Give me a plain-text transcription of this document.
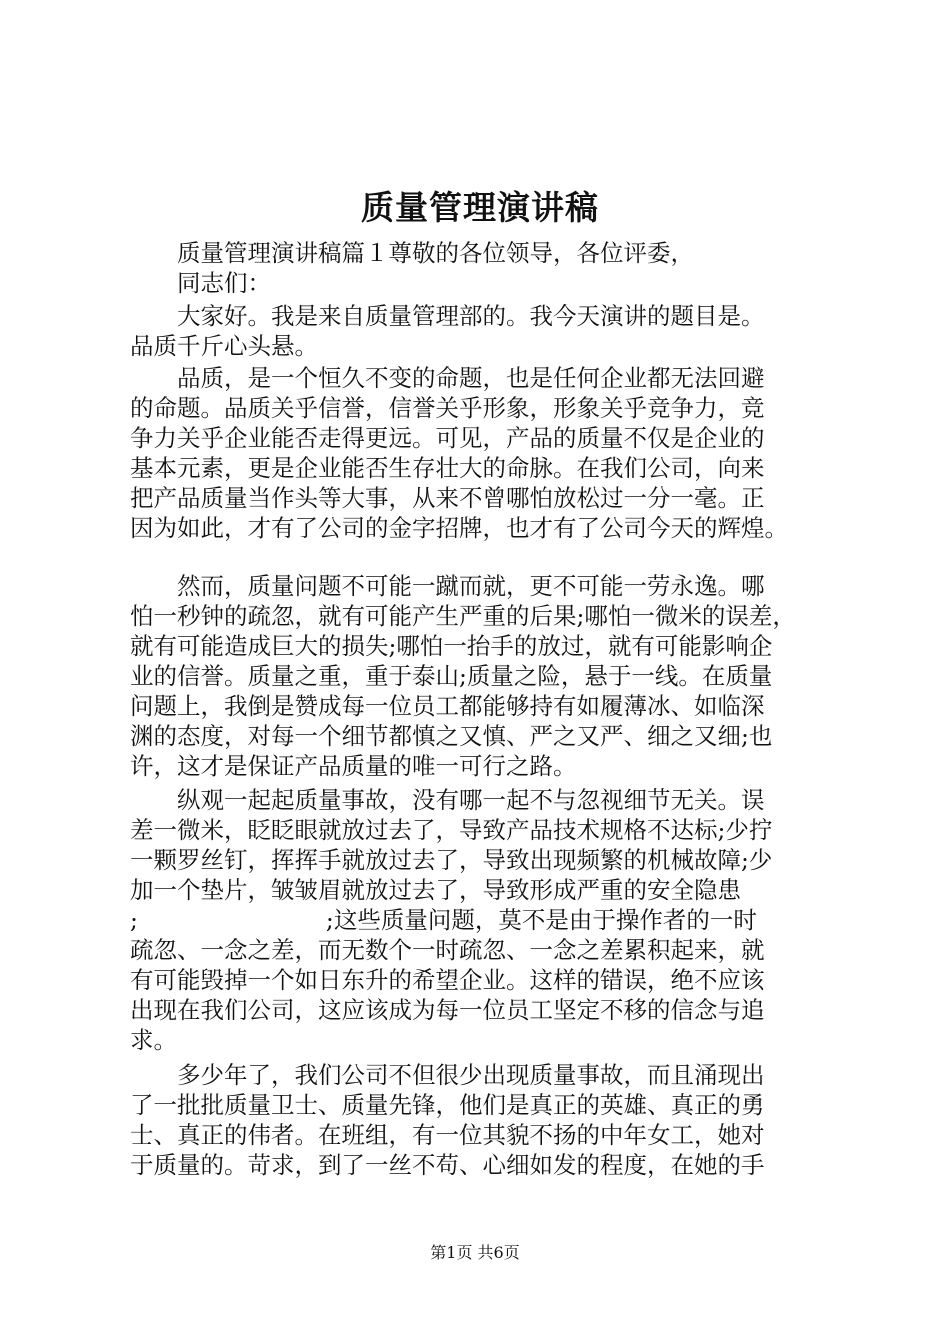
质量管理演讲稿
　　质量管理演讲稿篇１尊敬的各位领导，各位评委，
　　同志们：
　　大家好。我是来自质量管理部的。我今天演讲的题目是。
品质千斤心头悬。
　　品质，是一个恒久不变的命题，也是任何企业都无法回避
的命题。品质关乎信誉，信誉关乎形象，形象关乎竞争力，竞
争力关乎企业能否走得更远。可见，产品的质量不仅是企业的
基本元素，更是企业能否生存壮大的命脉。在我们公司，向来
把产品质量当作头等大事，从来不曾哪怕放松过一分一毫。正
因为如此，才有了公司的金字招牌，也才有了公司今天的辉煌。
　　然而，质量问题不可能一蹴而就，更不可能一劳永逸。哪
怕一秒钟的疏忽，就有可能产生严重的后果;哪怕一微米的误差，
就有可能造成巨大的损失;哪怕一抬手的放过，就有可能影响企
业的信誉。质量之重，重于泰山;质量之险，悬于一线。在质量
问题上，我倒是赞成每一位员工都能够持有如履薄冰、如临深
渊的态度，对每一个细节都慎之又慎、严之又严、细之又细;也
许，这才是保证产品质量的唯一可行之路。
　　纵观一起起质量事故，没有哪一起不与忽视细节无关。误
差一微米，眨眨眼就放过去了，导致产品技术规格不达标;少拧
一颗罗丝钉，挥挥手就放过去了，导致出现频繁的机械故障;少
加一个垫片，皱皱眉就放过去了，导致形成严重的安全隐患
;　　　　　　　　;这些质量问题，莫不是由于操作者的一时
疏忽、一念之差，而无数个一时疏忽、一念之差累积起来，就
有可能毁掉一个如日东升的希望企业。这样的错误，绝不应该
出现在我们公司，这应该成为每一位员工坚定不移的信念与追
求。
　　多少年了，我们公司不但很少出现质量事故，而且涌现出
了一批批质量卫士、质量先锋，他们是真正的英雄、真正的勇
士、真正的伟者。在班组，有一位其貌不扬的中年女工，她对
于质量的。苛求，到了一丝不苟、心细如发的程度，在她的手
第1页 共6页
